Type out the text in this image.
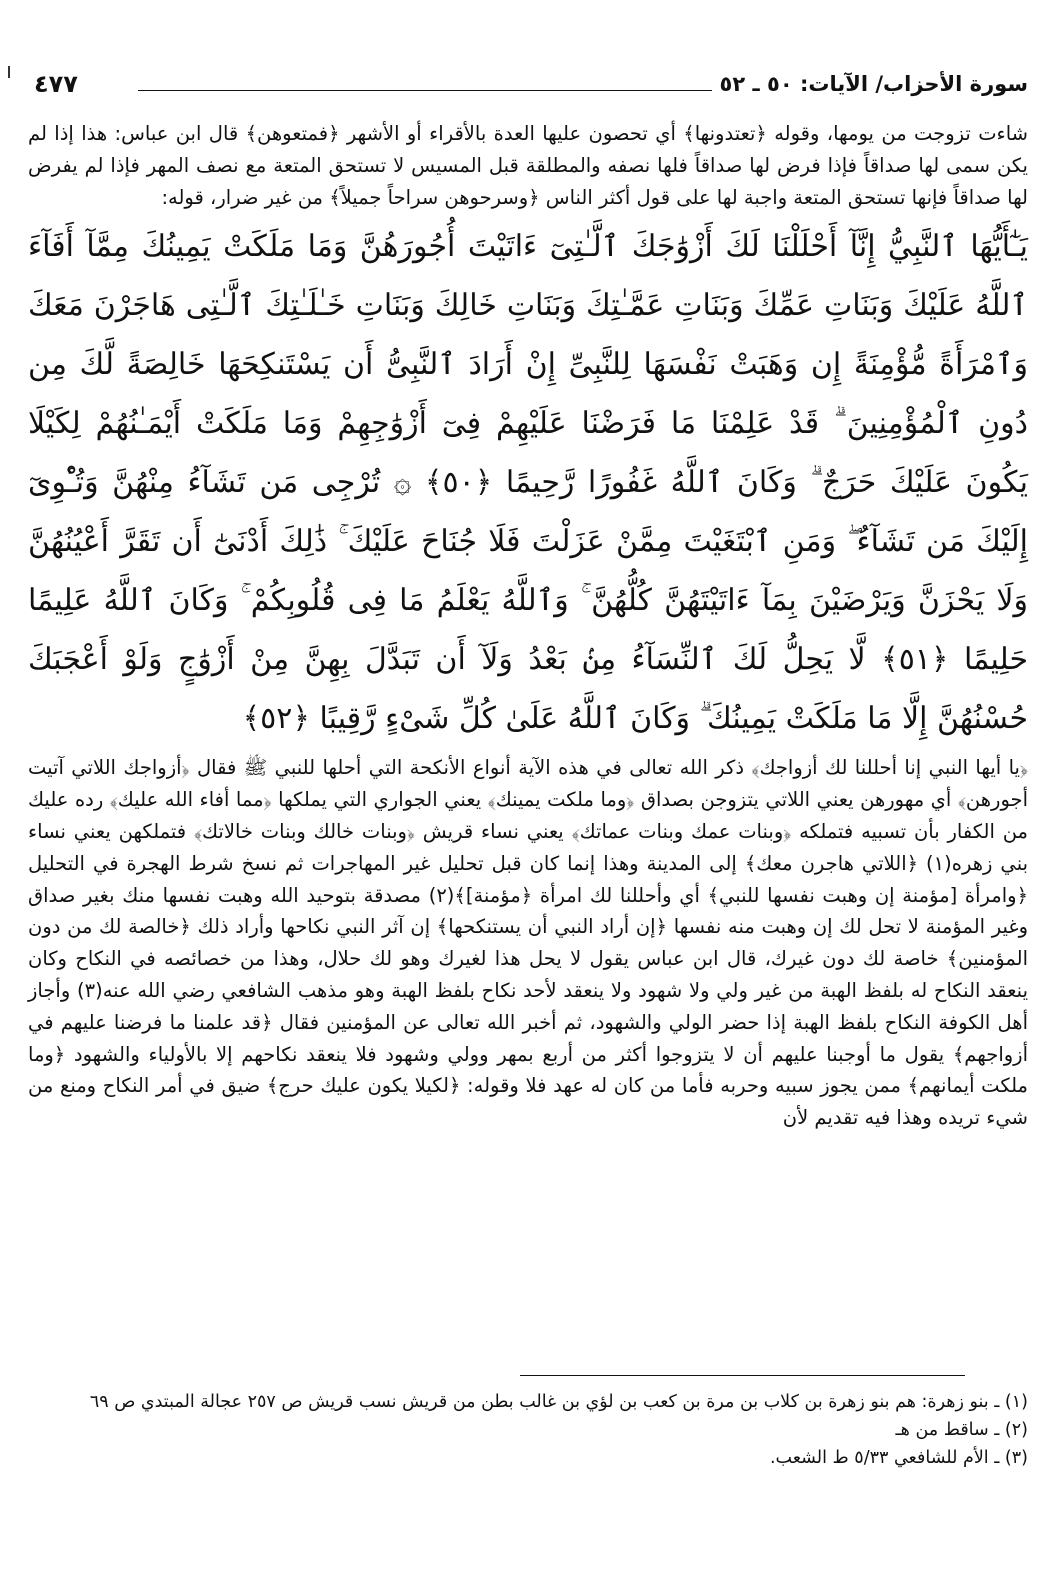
سورة الأحزاب/ الآيات: ٥٠ ـ ٥٢
٤٧٧

شاءت تزوجت من يومها، وقوله ﴿تعتدونها﴾ أي تحصون عليها العدة بالأقراء أو الأشهر ﴿فمتعوهن﴾ قال ابن عباس: هذا إذا لم يكن سمى لها صداقاً فإذا فرض لها صداقاً فلها نصفه والمطلقة قبل المسيس لا تستحق المتعة مع نصف المهر فإذا لم يفرض لها صداقاً فإنها تستحق المتعة واجبة لها على قول أكثر الناس ﴿وسرحوهن سراحاً جميلاً﴾ من غير ضرار، قوله:

يَـٰٓأَيُّهَا ٱلنَّبِيُّ إِنَّآ أَحْلَلْنَا لَكَ أَزْوَٰجَكَ ٱلَّـٰتِىٓ ءَاتَيْتَ أُجُورَهُنَّ وَمَا مَلَكَتْ يَمِينُكَ مِمَّآ أَفَآءَ ٱللَّهُ عَلَيْكَ وَبَنَاتِ عَمِّكَ وَبَنَاتِ عَمَّـٰتِكَ وَبَنَاتِ خَالِكَ وَبَنَاتِ خَـٰلَـٰتِكَ ٱلَّـٰتِى هَاجَرْنَ مَعَكَ وَٱمْرَأَةً مُّؤْمِنَةً إِن وَهَبَتْ نَفْسَهَا لِلنَّبِىِّ إِنْ أَرَادَ ٱلنَّبِىُّ أَن يَسْتَنكِحَهَا خَالِصَةً لَّكَ مِن دُونِ ٱلْمُؤْمِنِينَ ۗ قَدْ عَلِمْنَا مَا فَرَضْنَا عَلَيْهِمْ فِىٓ أَزْوَٰجِهِمْ وَمَا مَلَكَتْ أَيْمَـٰنُهُمْ لِكَيْلَا يَكُونَ عَلَيْكَ حَرَجٌ ۗ وَكَانَ ٱللَّهُ غَفُورًا رَّحِيمًا ﴿٥٠﴾ ۞ تُرْجِى مَن تَشَآءُ مِنْهُنَّ وَتُـْٔوِىٓ إِلَيْكَ مَن تَشَآءُ ۖ وَمَنِ ٱبْتَغَيْتَ مِمَّنْ عَزَلْتَ فَلَا جُنَاحَ عَلَيْكَ ۚ ذَٰلِكَ أَدْنَىٰٓ أَن تَقَرَّ أَعْيُنُهُنَّ وَلَا يَحْزَنَّ وَيَرْضَيْنَ بِمَآ ءَاتَيْتَهُنَّ كُلُّهُنَّ ۚ وَٱللَّهُ يَعْلَمُ مَا فِى قُلُوبِكُمْ ۚ وَكَانَ ٱللَّهُ عَلِيمًا حَلِيمًا ﴿٥١﴾ لَّا يَحِلُّ لَكَ ٱلنِّسَآءُ مِنۢ بَعْدُ وَلَآ أَن تَبَدَّلَ بِهِنَّ مِنْ أَزْوَٰجٍ وَلَوْ أَعْجَبَكَ حُسْنُهُنَّ إِلَّا مَا مَلَكَتْ يَمِينُكَ ۗ وَكَانَ ٱللَّهُ عَلَىٰ كُلِّ شَىْءٍ رَّقِيبًا ﴿٥٢﴾

﴿يا أيها النبي إنا أحللنا لك أزواجك﴾ ذكر الله تعالى في هذه الآية أنواع الأنكحة التي أحلها للنبي ﷺ فقال ﴿أزواجك اللاتي آتيت أجورهن﴾ أي مهورهن يعني اللاتي يتزوجن بصداق ﴿وما ملكت يمينك﴾ يعني الجواري التي يملكها ﴿مما أفاء الله عليك﴾ رده عليك من الكفار بأن تسبيه فتملكه ﴿وبنات عمك وبنات عماتك﴾ يعني نساء قريش ﴿وبنات خالك وبنات خالاتك﴾ فتملكهن يعني نساء بني زهره(١) ﴿اللاتي هاجرن معك﴾ إلى المدينة وهذا إنما كان قبل تحليل غير المهاجرات ثم نسخ شرط الهجرة في التحليل ﴿وامرأة [مؤمنة إن وهبت نفسها للنبي﴾ أي وأحللنا لك امرأة ﴿مؤمنة]﴾(٢) مصدقة بتوحيد الله وهبت نفسها منك بغير صداق وغير المؤمنة لا تحل لك إن وهبت منه نفسها ﴿إن أراد النبي أن يستنكحها﴾ إن آثر النبي نكاحها وأراد ذلك ﴿خالصة لك من دون المؤمنين﴾ خاصة لك دون غيرك، قال ابن عباس يقول لا يحل هذا لغيرك وهو لك حلال، وهذا من خصائصه في النكاح وكان ينعقد النكاح له بلفظ الهبة من غير ولي ولا شهود ولا ينعقد لأحد نكاح بلفظ الهبة وهو مذهب الشافعي رضي الله عنه(٣) وأجاز أهل الكوفة النكاح بلفظ الهبة إذا حضر الولي والشهود، ثم أخبر الله تعالى عن المؤمنين فقال ﴿قد علمنا ما فرضنا عليهم في أزواجهم﴾ يقول ما أوجبنا عليهم أن لا يتزوجوا أكثر من أربع بمهر وولي وشهود فلا ينعقد نكاحهم إلا بالأولياء والشهود ﴿وما ملكت أيمانهم﴾ ممن يجوز سبيه وحربه فأما من كان له عهد فلا وقوله: ﴿لكيلا يكون عليك حرج﴾ ضيق في أمر النكاح ومنع من شيء تريده وهذا فيه تقديم لأن

(١) ـ بنو زهرة: هم بنو زهرة بن كلاب بن مرة بن كعب بن لؤي بن غالب بطن من قريش نسب قريش ص ٢٥٧ عجالة المبتدي ص ٦٩

(٢) ـ ساقط من هـ

(٣) ـ الأم للشافعي ٥/٣٣ ط الشعب.
